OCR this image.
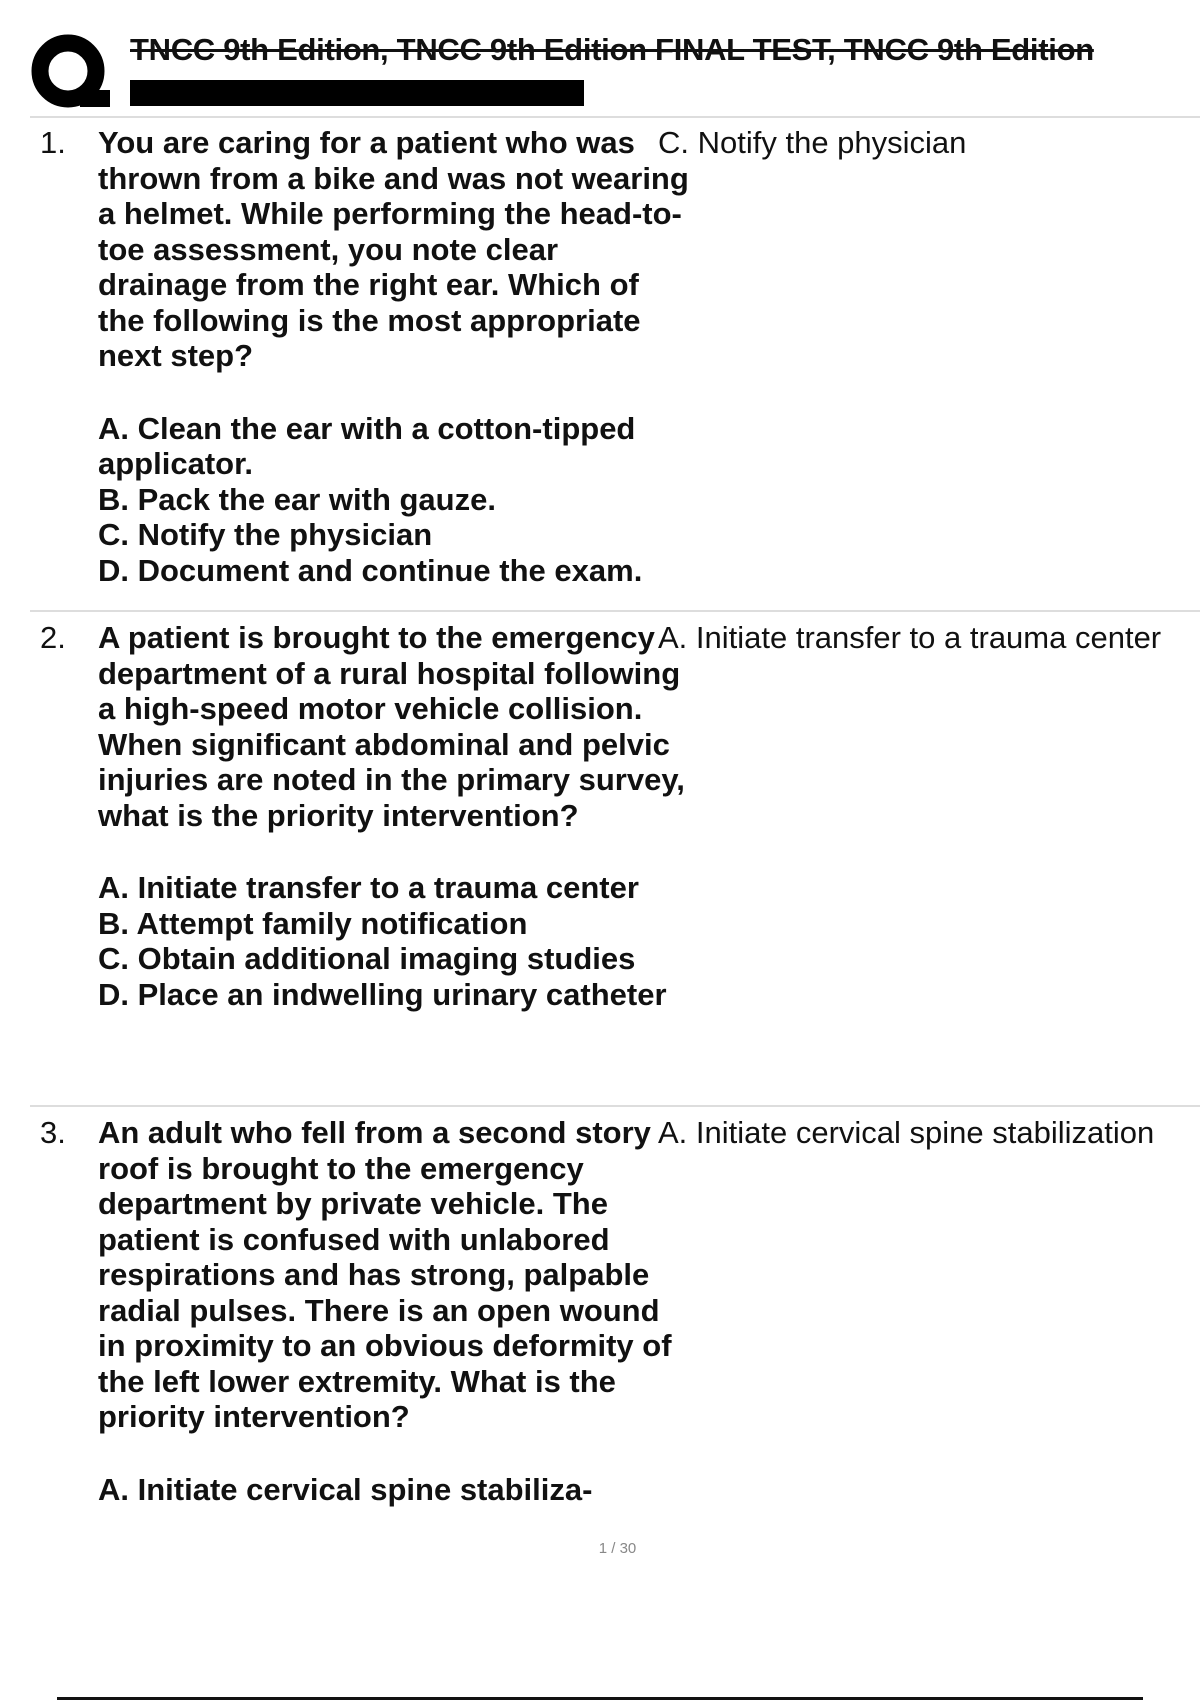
TNCC 9th Edition, TNCC 9th Edition FINAL TEST, TNCC 9th Edition
1. You are caring for a patient who was thrown from a bike and was not wearing a helmet. While performing the head-to-toe assessment, you note clear drainage from the right ear. Which of the following is the most appropriate next step?

A. Clean the ear with a cotton-tipped applicator.
B. Pack the ear with gauze.
C. Notify the physician
D. Document and continue the exam.
C. Notify the physician
2. A patient is brought to the emergency department of a rural hospital following a high-speed motor vehicle collision. When significant abdominal and pelvic injuries are noted in the primary survey, what is the priority intervention?

A. Initiate transfer to a trauma center
B. Attempt family notification
C. Obtain additional imaging studies
D. Place an indwelling urinary catheter
A. Initiate transfer to a trauma center
3. An adult who fell from a second story roof is brought to the emergency department by private vehicle. The patient is confused with unlabored respirations and has strong, palpable radial pulses. There is an open wound in proximity to an obvious deformity of the left lower extremity. What is the priority intervention?

A. Initiate cervical spine stabiliza-
A. Initiate cervical spine stabilization
1 / 30
